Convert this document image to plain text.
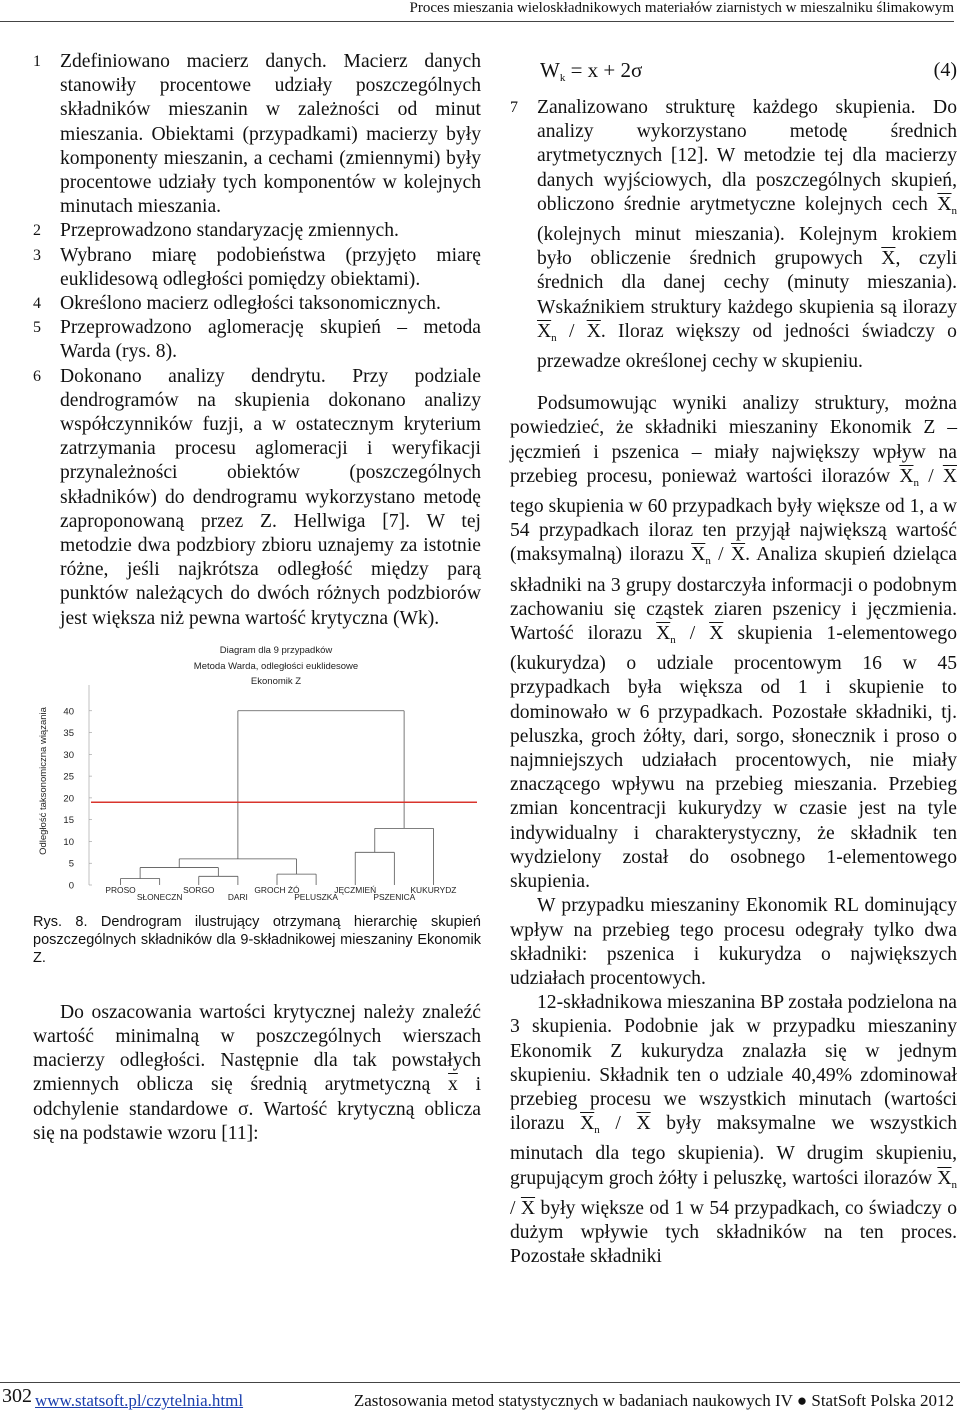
Proces mieszania wieloskładnikowych materiałów ziarnistych w mieszalniku ślimakowym
1 Zdefiniowano macierz danych. Macierz danych stanowiły procentowe udziały poszczególnych składników mieszanin w zależności od minut mieszania. Obiektami (przypadkami) macierzy były komponenty mieszanin, a cechami (zmiennymi) były procentowe udziały tych komponentów w kolejnych minutach mieszania.
2 Przeprowadzono standaryzację zmiennych.
3 Wybrano miarę podobieństwa (przyjęto miarę euklidesową odległości pomiędzy obiektami).
4 Określono macierz odległości taksonomicznych.
5 Przeprowadzono aglomerację skupień – metoda Warda (rys. 8).
6 Dokonano analizy dendrytu. Przy podziale dendrogramów na skupienia dokonano analizy współczynników fuzji, a w ostatecznym kryterium zatrzymania procesu aglomeracji i weryfikacji przynależności obiektów (poszczególnych składników) do dendrogramu wykorzystano metodę zaproponowaną przez Z. Hellwiga [7]. W tej metodzie dwa podzbiory zbioru uznajemy za istotnie różne, jeśli najkrótsza odległość między parą punktów należących do dwóch różnych podzbiorów jest większa niż pewna wartość krytyczna (Wk).
Odległość taksonomiczna wiązania
Diagram dla 9 przypadków
Metoda Warda, odległości euklidesowe
Ekonomik Z
0
5
10
15
20
25
30
35
40
PROSO
SŁONECZN
SORGO
DARI
GROCH ŻÓ
PELUSZKA
JĘCZMIEŃ
PSZENICA
KUKURYDZ
Rys. 8. Dendrogram ilustrujący otrzymaną hierarchię skupień poszczególnych składników dla 9-składnikowej mieszaniny Ekonomik Z.

Do oszacowania wartości krytycznej należy znaleźć wartość minimalną w poszczególnych wierszach macierzy odległości. Następnie dla tak powstałych zmiennych oblicza się średnią arytmetyczną $\overline{x}$ i odchylenie standardowe σ. Wartość krytyczną oblicza się na podstawie wzoru [11]:

$W_k = x + 2\sigma$	(4)
7 Zanalizowano strukturę każdego skupienia. Do analizy wykorzystano metodę średnich arytmetycznych [12]. W metodzie tej dla macierzy danych wyjściowych, dla poszczególnych skupień, obliczono średnie arytmetyczne kolejnych cech $\overline{X}_n$ (kolejnych minut mieszania). Kolejnym krokiem było obliczenie średnich grupowych $\overline{X}$, czyli średnich dla danej cechy (minuty mieszania). Wskaźnikiem struktury każdego skupienia są ilorazy $\overline{X}_n / \overline{X}$. Iloraz większy od jedności świadczy o przewadze określonej cechy w skupieniu.

Podsumowując wyniki analizy struktury, można powiedzieć, że składniki mieszaniny Ekonomik Z – jęczmień i pszenica – miały największy wpływ na przebieg procesu, ponieważ wartości ilorazów $\overline{X}_n / \overline{X}$ tego skupienia w 60 przypadkach były większe od 1, a w 54 przypadkach iloraz ten przyjął największą wartość (maksymalną) ilorazu $\overline{X}_n / \overline{X}$. Analiza skupień dzieląca składniki na 3 grupy dostarczyła informacji o podobnym zachowaniu się cząstek ziaren pszenicy i jęczmienia. Wartość ilorazu $\overline{X}_n / \overline{X}$ skupienia 1-elementowego (kukurydza) o udziale procentowym 16 w 45 przypadkach była większa od 1 i skupienie to dominowało w 6 przypadkach. Pozostałe składniki, tj. peluszka, groch żółty, dari, sorgo, słonecznik i proso o najmniejszych udziałach procentowych, nie miały znaczącego wpływu na przebieg mieszania. Przebieg zmian koncentracji kukurydzy w czasie jest na tyle indywidualny i charakterystyczny, że składnik ten wydzielony został do osobnego 1-elementowego skupienia.

W przypadku mieszaniny Ekonomik RL dominujący wpływ na przebieg tego procesu odegrały tylko dwa składniki: pszenica i kukurydza o największych udziałach procentowych.

12-składnikowa mieszanina BP została podzielona na 3 skupienia. Podobnie jak w przypadku mieszaniny Ekonomik Z kukurydza znalazła się w jednym skupieniu. Składnik ten o udziale 40,49% zdominował przebieg procesu we wszystkich minutach (wartości ilorazu $\overline{X}_n / \overline{X}$ były maksymalne we wszystkich minutach dla tego skupienia). W drugim skupieniu, grupującym groch żółty i peluszkę, wartości ilorazów $\overline{X}_n / \overline{X}$ były większe od 1 w 54 przypadkach, co świadczy o dużym wpływie tych składników na ten proces. Pozostałe składniki

302 www.statsoft.pl/czytelnia.html	Zastosowania metod statystycznych w badaniach naukowych IV ● StatSoft Polska 2012
